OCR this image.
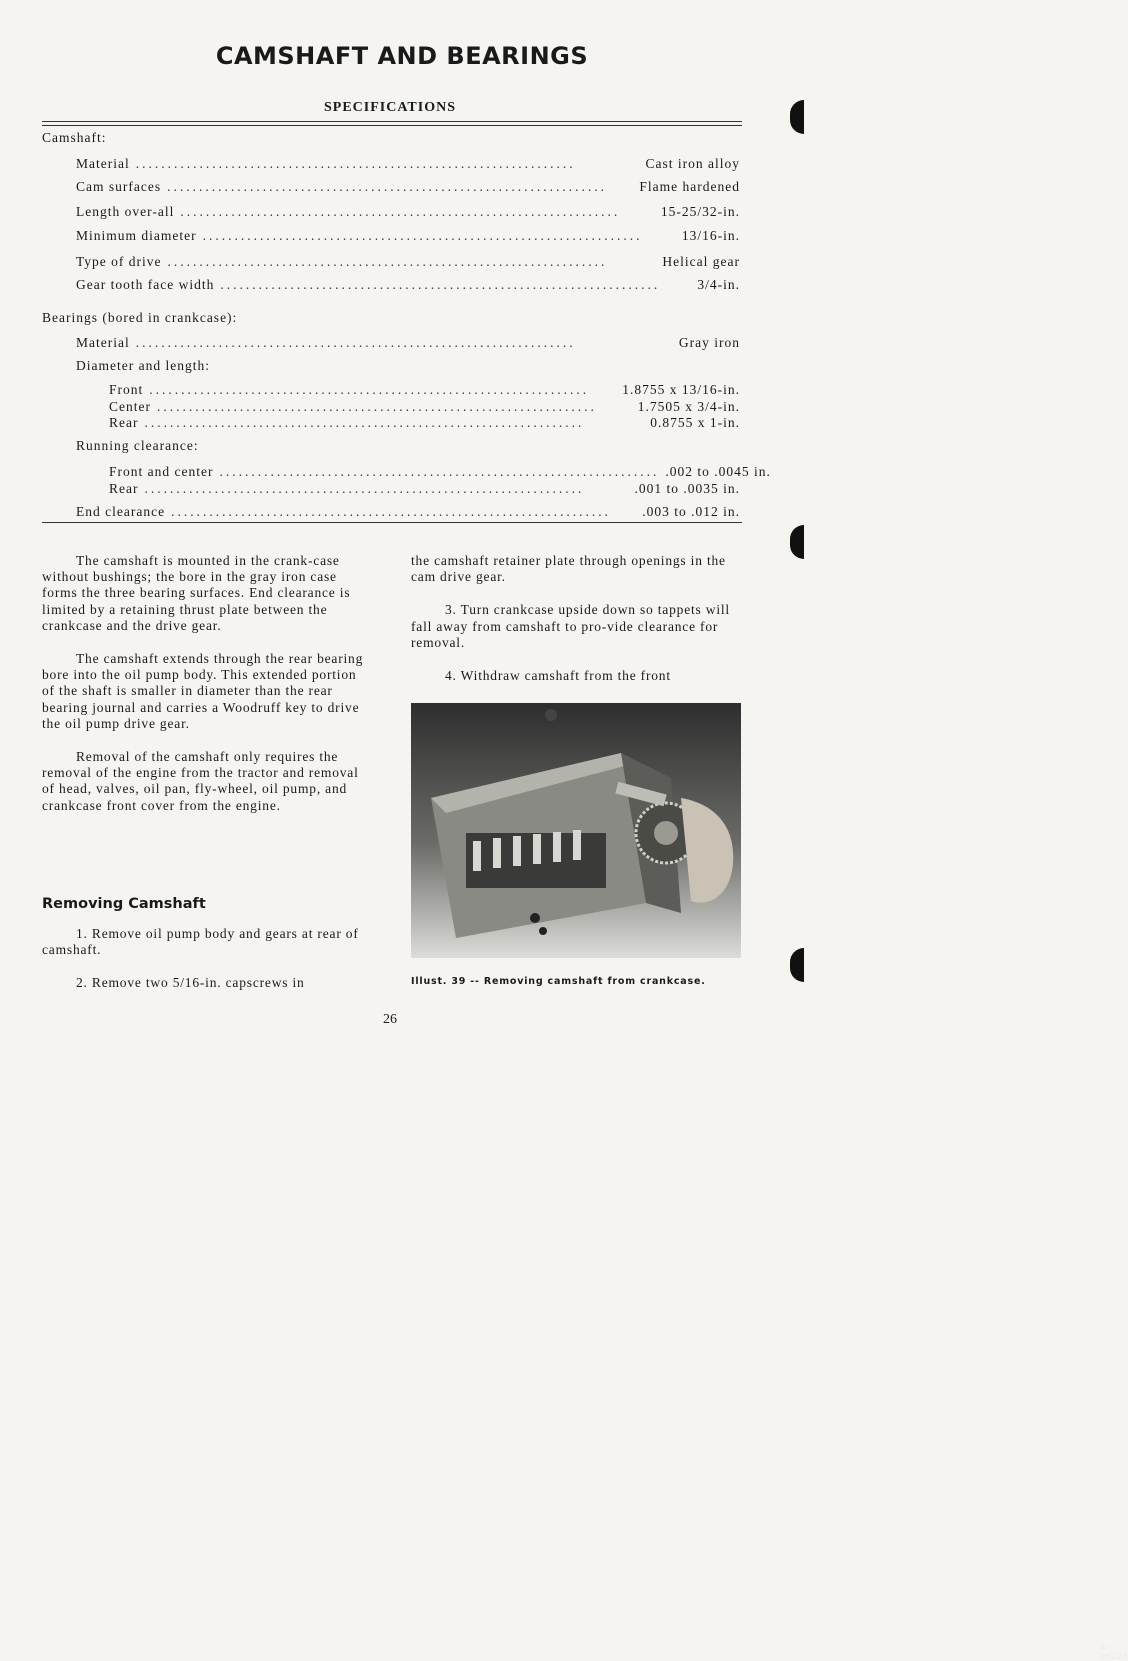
CAMSHAFT AND BEARINGS
SPECIFICATIONS
Camshaft:
Material .....................................................................	Cast iron alloy
Cam surfaces .....................................................................	Flame hardened
Length over-all .....................................................................	15-25/32-in.
Minimum diameter .....................................................................	13/16-in.
Type of drive .....................................................................	Helical gear
Gear tooth face width .....................................................................	3/4-in.
Bearings (bored in crankcase):
Material .....................................................................	Gray iron
Diameter and length:
Front .....................................................................	1.8755 x 13/16-in.
Center .....................................................................	1.7505 x 3/4-in.
Rear .....................................................................	0.8755 x 1-in.
Running clearance:
Front and center ..................................................................... .002 to .0045 in.
Rear .....................................................................	.001 to .0035 in.
End clearance .....................................................................	.003 to .012 in.

The camshaft is mounted in the crank-case without bushings; the bore in the gray iron case forms the three bearing surfaces. End clearance is limited by a retaining thrust plate between the crankcase and the drive gear.

The camshaft extends through the rear bearing bore into the oil pump body. This extended portion of the shaft is smaller in diameter than the rear bearing journal and carries a Woodruff key to drive the oil pump drive gear.

Removal of the camshaft only requires the removal of the engine from the tractor and removal of head, valves, oil pan, fly-wheel, oil pump, and crankcase front cover from the engine.

Removing Camshaft

1. Remove oil pump body and gears at rear of camshaft.

2. Remove two 5/16-in. capscrews in

the camshaft retainer plate through openings in the cam drive gear.

3. Turn crankcase upside down so tappets will fall away from camshaft to pro-vide clearance for removal.

4. Withdraw camshaft from the front

A-36224

Illust. 39 -- Removing camshaft from crankcase.

26
